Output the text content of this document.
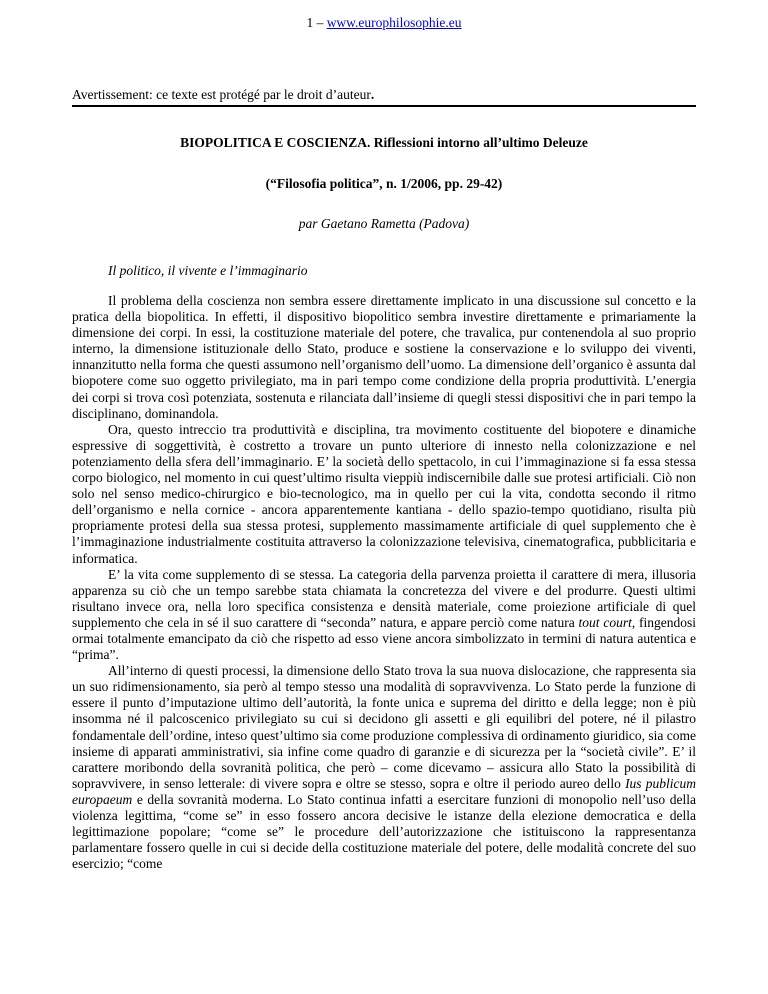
1 – www.europhilosophie.eu
Avertissement: ce texte est protégé par le droit d’auteur.
BIOPOLITICA E COSCIENZA. Riflessioni intorno all’ultimo Deleuze
(“Filosofia politica”, n. 1/2006, pp. 29-42)
par Gaetano Rametta (Padova)
Il politico, il vivente e l’immaginario

Il problema della coscienza non sembra essere direttamente implicato in una discussione sul concetto e la pratica della biopolitica. In effetti, il dispositivo biopolitico sembra investire direttamente e primariamente la dimensione dei corpi. In essi, la costituzione materiale del potere, che travalica, pur contenendola al suo proprio interno, la dimensione istituzionale dello Stato, produce e sostiene la conservazione e lo sviluppo dei viventi, innanzitutto nella forma che questi assumono nell’organismo dell’uomo. La dimensione dell’organico è assunta dal biopotere come suo oggetto privilegiato, ma in pari tempo come condizione della propria produttività. L’energia dei corpi si trova così potenziata, sostenuta e rilanciata dall’insieme di quegli stessi dispositivi che in pari tempo la disciplinano, dominandola.

Ora, questo intreccio tra produttività e disciplina, tra movimento costituente del biopotere e dinamiche espressive di soggettività, è costretto a trovare un punto ulteriore di innesto nella colonizzazione e nel potenziamento della sfera dell’immaginario. E’ la società dello spettacolo, in cui l’immaginazione si fa essa stessa corpo biologico, nel momento in cui quest’ultimo risulta vieppiù indiscernibile dalle sue protesi artificiali. Ciò non solo nel senso medico-chirurgico e bio-tecnologico, ma in quello per cui la vita, condotta secondo il ritmo dell’organismo e nella cornice - ancora apparentemente kantiana - dello spazio-tempo quotidiano, risulta più propriamente protesi della sua stessa protesi, supplemento massimamente artificiale di quel supplemento che è l’immaginazione industrialmente costituita attraverso la colonizzazione televisiva, cinematografica, pubblicitaria e informatica.

E’ la vita come supplemento di se stessa. La categoria della parvenza proietta il carattere di mera, illusoria apparenza su ciò che un tempo sarebbe stata chiamata la concretezza del vivere e del produrre. Questi ultimi risultano invece ora, nella loro specifica consistenza e densità materiale, come proiezione artificiale di quel supplemento che cela in sé il suo carattere di “seconda” natura, e appare perciò come natura tout court, fingendosi ormai totalmente emancipato da ciò che rispetto ad esso viene ancora simbolizzato in termini di natura autentica e “prima”.

All’interno di questi processi, la dimensione dello Stato trova la sua nuova dislocazione, che rappresenta sia un suo ridimensionamento, sia però al tempo stesso una modalità di sopravvivenza. Lo Stato perde la funzione di essere il punto d’imputazione ultimo dell’autorità, la fonte unica e suprema del diritto e della legge; non è più insomma né il palcoscenico privilegiato su cui si decidono gli assetti e gli equilibri del potere, né il pilastro fondamentale dell’ordine, inteso quest’ultimo sia come produzione complessiva di ordinamento giuridico, sia come insieme di apparati amministrativi, sia infine come quadro di garanzie e di sicurezza per la “società civile”. E’ il carattere moribondo della sovranità politica, che però – come dicevamo – assicura allo Stato la possibilità di sopravvivere, in senso letterale: di vivere sopra e oltre se stesso, sopra e oltre il periodo aureo dello Ius publicum europaeum e della sovranità moderna. Lo Stato continua infatti a esercitare funzioni di monopolio nell’uso della violenza legittima, “come se” in esso fossero ancora decisive le istanze della elezione democratica e della legittimazione popolare; “come se” le procedure dell’autorizzazione che istituiscono la rappresentanza parlamentare fossero quelle in cui si decide della costituzione materiale del potere, delle modalità concrete del suo esercizio; “come
